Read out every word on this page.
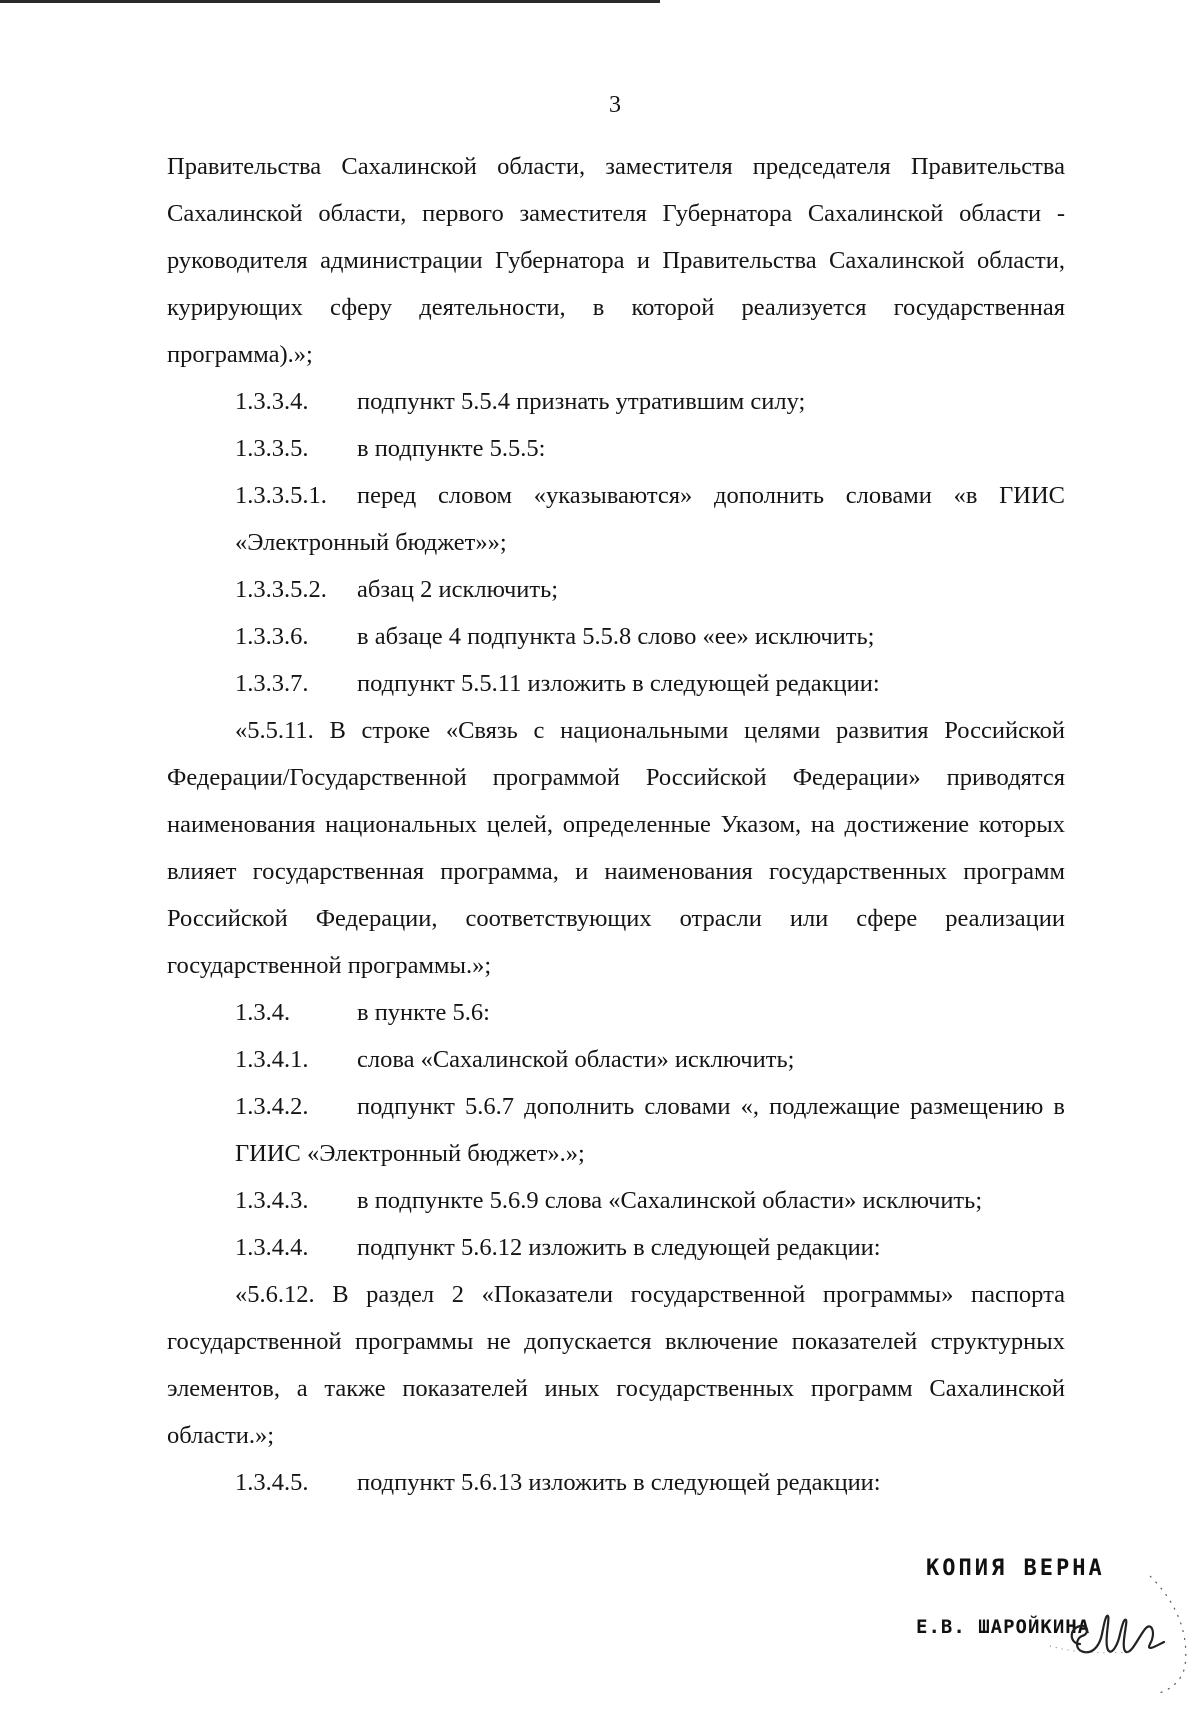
3

Правительства Сахалинской области, заместителя председателя Правительства Сахалинской области, первого заместителя Губернатора Сахалинской области - руководителя администрации Губернатора и Правительства Сахалинской области, курирующих сферу деятельности, в которой реализуется государственная программа).»;

1.3.3.4.	подпункт 5.5.4 признать утратившим силу;

1.3.3.5.	в подпункте 5.5.5:

1.3.3.5.1. перед словом «указываются» дополнить словами «в ГИИС «Электронный бюджет»»;

1.3.3.5.2.	абзац 2 исключить;

1.3.3.6.	в абзаце 4 подпункта 5.5.8 слово «ее» исключить;

1.3.3.7.	подпункт 5.5.11 изложить в следующей редакции:

«5.5.11. В строке «Связь с национальными целями развития Российской Федерации/Государственной программой Российской Федерации» приводятся наименования национальных целей, определенные Указом, на достижение которых влияет государственная программа, и наименования государственных программ Российской Федерации, соответствующих отрасли или сфере реализации государственной программы.»;

1.3.4.	в пункте 5.6:

1.3.4.1.	слова «Сахалинской области» исключить;

1.3.4.2. подпункт 5.6.7 дополнить словами «, подлежащие размещению в ГИИС «Электронный бюджет».»;

1.3.4.3.	в подпункте 5.6.9 слова «Сахалинской области» исключить;

1.3.4.4.	подпункт 5.6.12 изложить в следующей редакции:

«5.6.12. В раздел 2 «Показатели государственной программы» паспорта государственной программы не допускается включение показателей структурных элементов, а также показателей иных государственных программ Сахалинской области.»;

1.3.4.5.	подпункт 5.6.13 изложить в следующей редакции:

КОПИЯ ВЕРНА
Е.В. ШАРОЙКИНА
